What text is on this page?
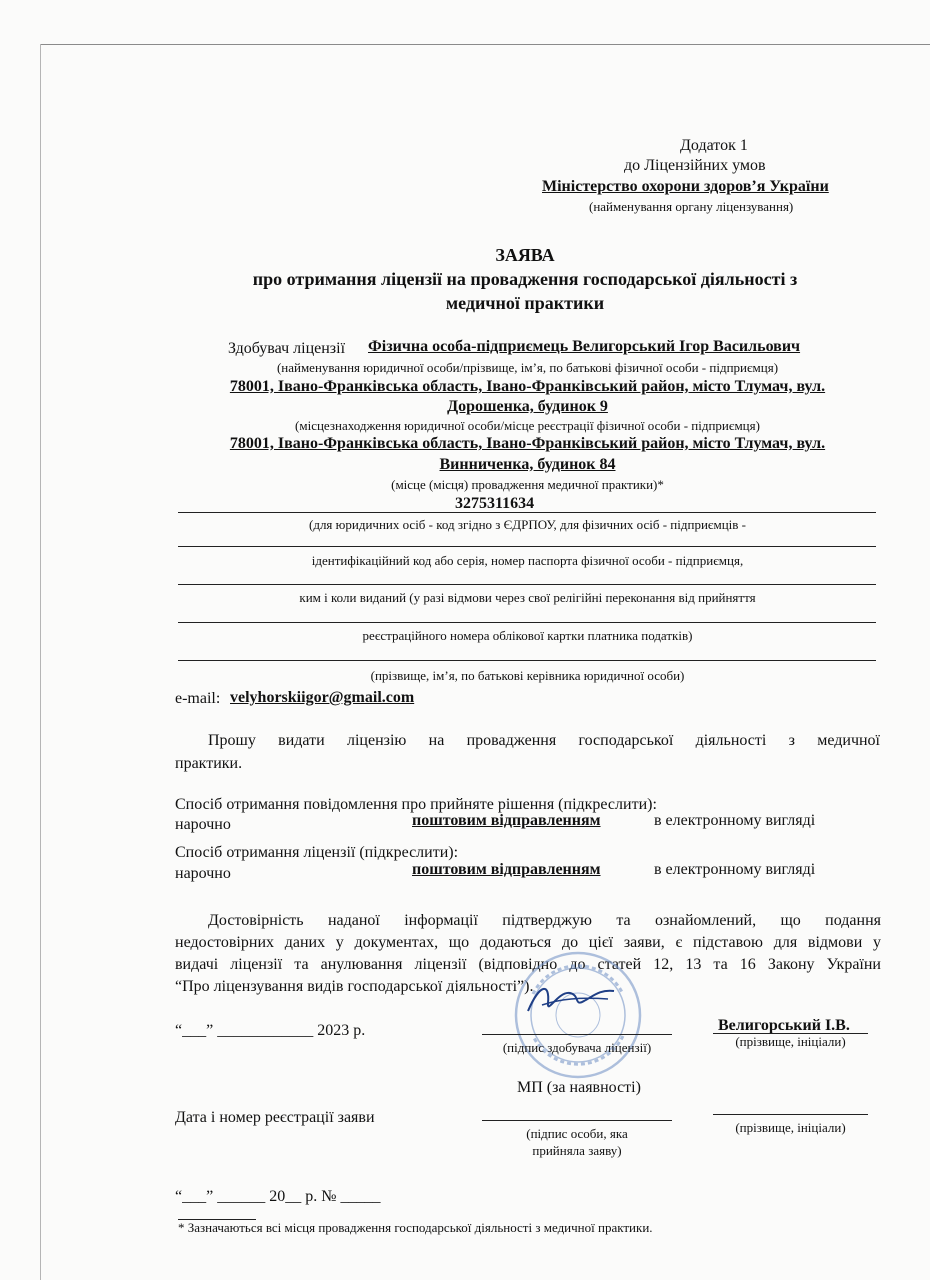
Додаток 1
до Ліцензійних умов
Міністерство охорони здоров’я України
(найменування органу ліцензування)
ЗАЯВА
про отримання ліцензії на провадження господарської діяльності з
медичної практики
Здобувач ліцензії Фізична особа-підприємець Велигорський Ігор Васильович
(найменування юридичної особи/прізвище, ім’я, по батькові фізичної особи - підприємця)
78001, Івано-Франківська область, Івано-Франківський район, місто Тлумач, вул.
Дорошенка, будинок 9
(місцезнаходження юридичної особи/місце реєстрації фізичної особи - підприємця)
78001, Івано-Франківська область, Івано-Франківський район, місто Тлумач, вул.
Винниченка, будинок 84
(місце (місця) провадження медичної практики)*
3275311634
(для юридичних осіб - код згідно з ЄДРПОУ, для фізичних осіб - підприємців -
ідентифікаційний код або серія, номер паспорта фізичної особи - підприємця,
ким і коли виданий (у разі відмови через свої релігійні переконання від прийняття
реєстраційного номера облікової картки платника податків)
(прізвище, ім’я, по батькові керівника юридичної особи)
e-mail: velyhorskiigor@gmail.com
Прошу видати ліцензію на провадження господарської діяльності з медичної
практики.
Спосіб отримання повідомлення про прийняте рішення (підкреслити):
нарочно	поштовим відправленням	в електронному вигляді
Спосіб отримання ліцензії (підкреслити):
нарочно	поштовим відправленням	в електронному вигляді
Достовірність наданої інформації підтверджую та ознайомлений, що подання
недостовірних даних у документах, що додаються до цієї заяви, є підставою для відмови у
видачі ліцензії та анулювання ліцензії (відповідно до статей 12, 13 та 16 Закону України
“Про ліцензування видів господарської діяльності”).
“___” ____________ 2023 р.
(підпис здобувача ліцензії)
Велигорський І.В.
(прізвище, ініціали)
МП (за наявності)
Дата і номер реєстрації заяви
(підпис особи, яка
прийняла заяву)
(прізвище, ініціали)
“___” ______ 20__ р. № _____
* Зазначаються всі місця провадження господарської діяльності з медичної практики.
